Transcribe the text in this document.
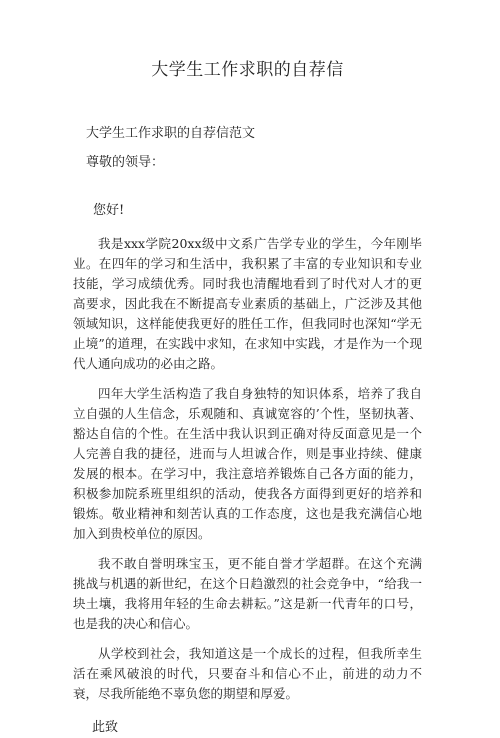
大学生工作求职的自荐信
大学生工作求职的自荐信范文
尊敬的领导：
您好!

我是xxx学院20xx级中文系广告学专业的学生，今年刚毕业。在四年的学习和生活中，我积累了丰富的专业知识和专业技能，学习成绩优秀。同时我也清醒地看到了时代对人才的更高要求，因此我在不断提高专业素质的基础上，广泛涉及其他领域知识，这样能使我更好的胜任工作，但我同时也深知“学无止境”的道理，在实践中求知，在求知中实践，才是作为一个现代人通向成功的必由之路。

四年大学生活构造了我自身独特的知识体系，培养了我自立自强的人生信念，乐观随和、真诚宽容的’个性，坚韧执著、豁达自信的个性。在生活中我认识到正确对待反面意见是一个人完善自我的捷径，进而与人坦诚合作，则是事业持续、健康发展的根本。在学习中，我注意培养锻炼自己各方面的能力，积极参加院系班里组织的活动，使我各方面得到更好的培养和锻炼。敬业精神和刻苦认真的工作态度，这也是我充满信心地加入到贵校单位的原因。

我不敢自誉明珠宝玉，更不能自誉才学超群。在这个充满挑战与机遇的新世纪，在这个日趋激烈的社会竞争中，“给我一块土壤，我将用年轻的生命去耕耘。”这是新一代青年的口号，也是我的决心和信心。

从学校到社会，我知道这是一个成长的过程，但我所幸生活在乘风破浪的时代，只要奋斗和信心不止，前进的动力不衰，尽我所能绝不辜负您的期望和厚爱。

此致
